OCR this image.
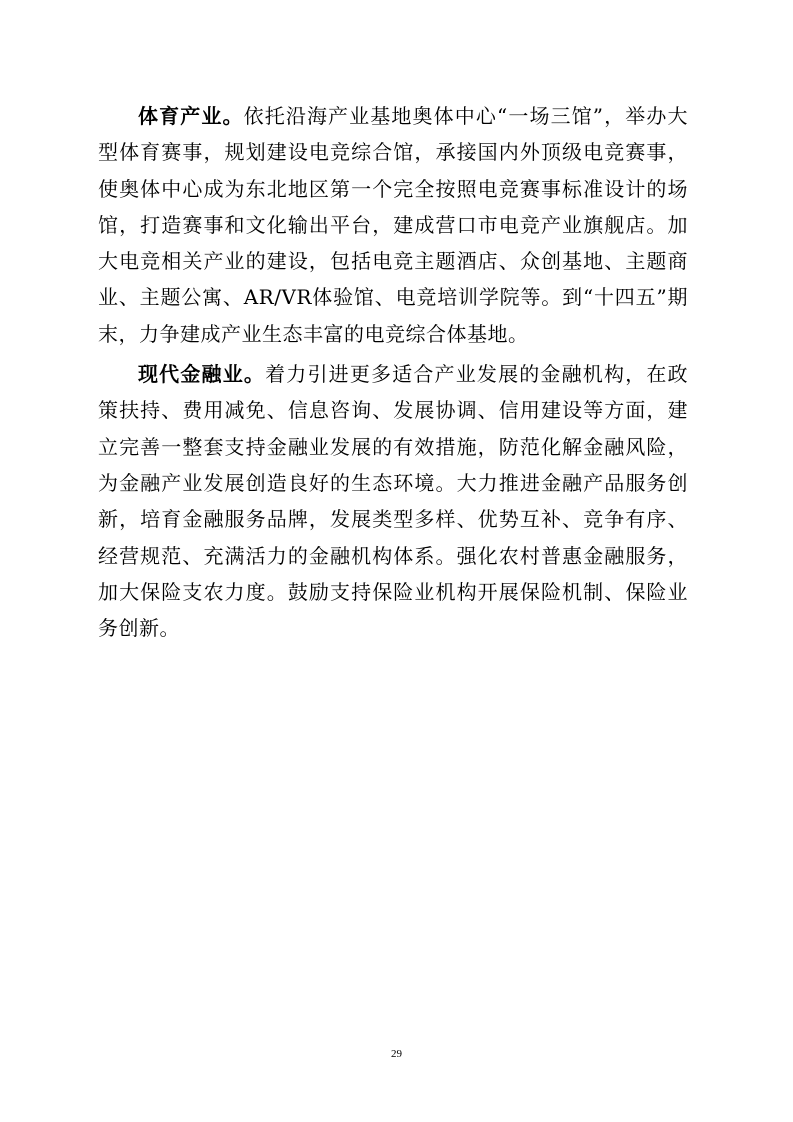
体育产业。依托沿海产业基地奥体中心“一场三馆”，举办大型体育赛事，规划建设电竞综合馆，承接国内外顶级电竞赛事，使奥体中心成为东北地区第一个完全按照电竞赛事标准设计的场馆，打造赛事和文化输出平台，建成营口市电竞产业旗舰店。加大电竞相关产业的建设，包括电竞主题酒店、众创基地、主题商业、主题公寓、AR/VR体验馆、电竞培训学院等。到“十四五”期末，力争建成产业生态丰富的电竞综合体基地。

现代金融业。着力引进更多适合产业发展的金融机构，在政策扶持、费用减免、信息咨询、发展协调、信用建设等方面，建立完善一整套支持金融业发展的有效措施，防范化解金融风险，为金融产业发展创造良好的生态环境。大力推进金融产品服务创新，培育金融服务品牌，发展类型多样、优势互补、竞争有序、经营规范、充满活力的金融机构体系。强化农村普惠金融服务，加大保险支农力度。鼓励支持保险业机构开展保险机制、保险业务创新。

29
